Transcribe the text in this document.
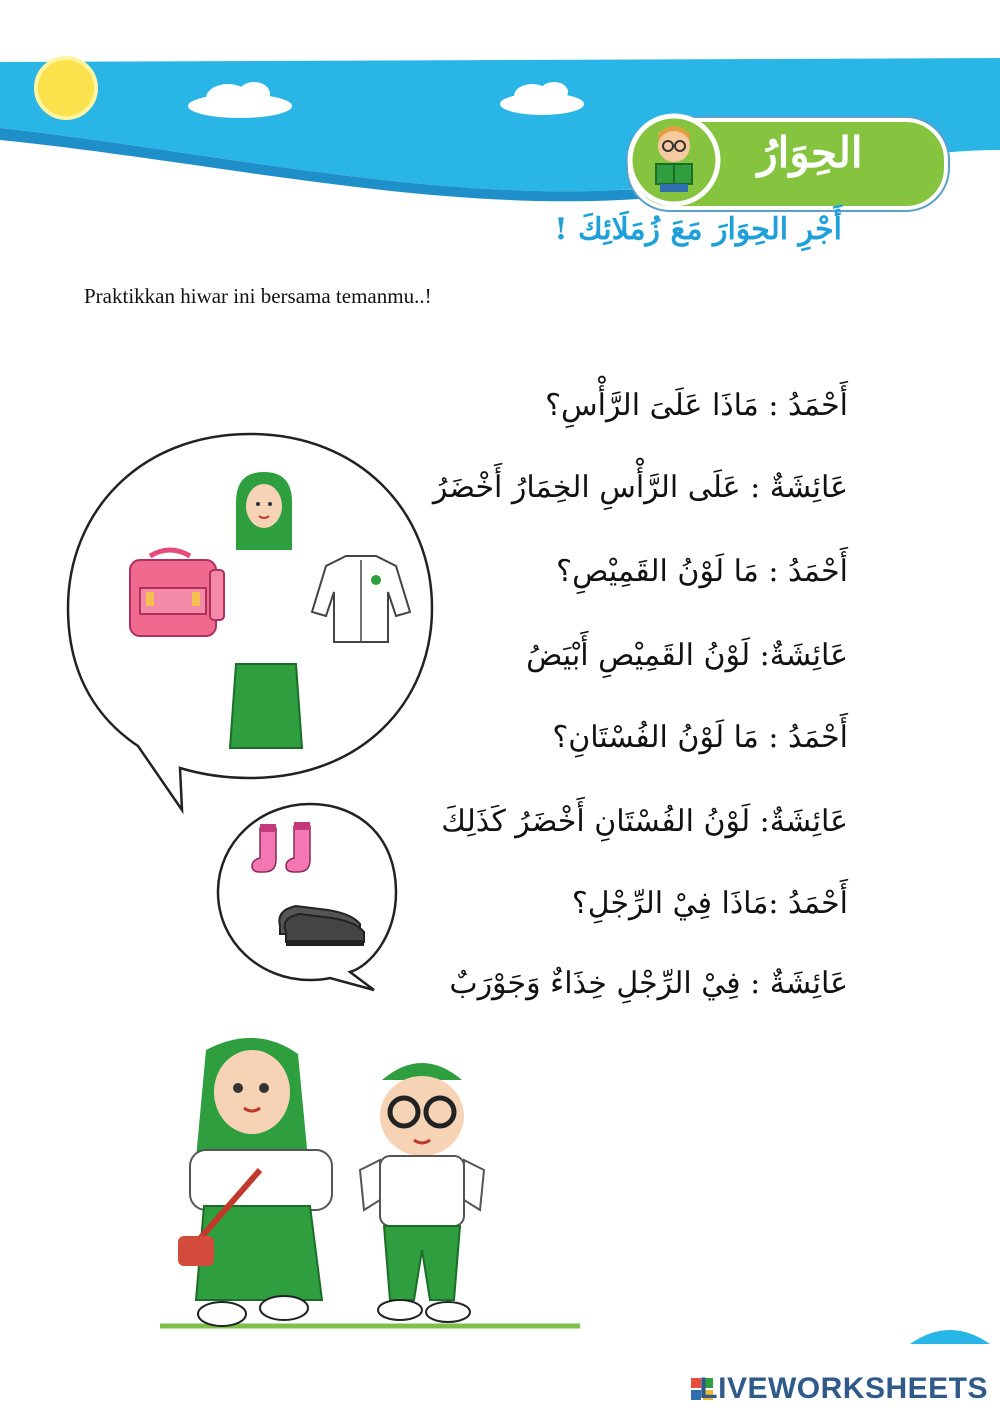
الحِوَارُ
أَجْرِ الحِوَارَ مَعَ زُمَلَائِكَ !
Praktikkan hiwar ini bersama temanmu..!
أَحْمَدُ : مَاذَا عَلَىَ الرَّأْسِ؟
عَائِشَةٌ : عَلَى الرَّأْسِ الخِمَارُ أَخْضَرُ
أَحْمَدُ : مَا لَوْنُ القَمِيْصِ؟
عَائِشَةٌ: لَوْنُ القَمِيْصِ أَبْيَضُ
أَحْمَدُ : مَا لَوْنُ الفُسْتَانِ؟
عَائِشَةٌ: لَوْنُ الفُسْتَانِ أَخْضَرُ كَذَلِكَ
أَحْمَدُ :مَاذَا فِيْ الرِّجْلِ؟
عَائِشَةٌ : فِيْ الرِّجْلِ خِذَاءٌ وَجَوْرَبٌ
LIVEWORKSHEETS
